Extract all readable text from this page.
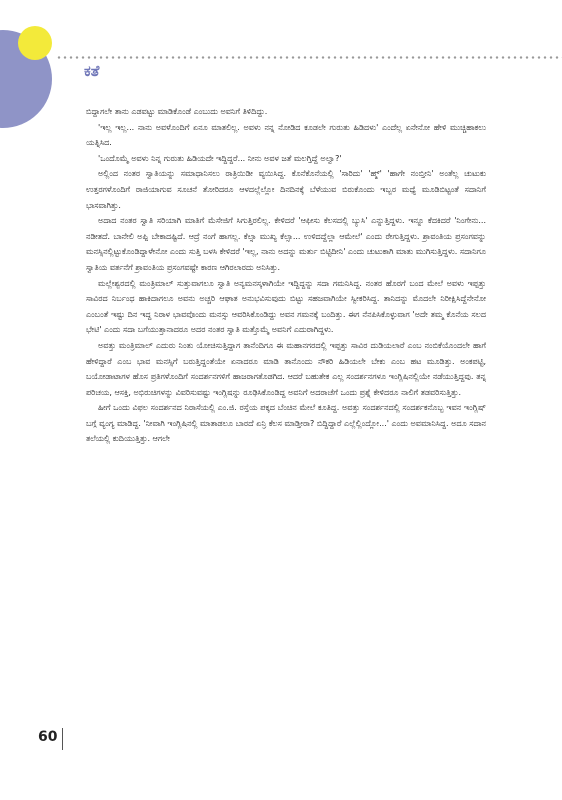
ಕತೆ

ಬಿದ್ದಾಗಲೇ ತಾನು ಎಡವಟ್ಟು ಮಾಡಿಕೊಂಡೆ ಎಂಬುದು ಅವನಿಗೆ ತಿಳಿದಿದ್ದು.

'ಇಲ್ಲ ಇಲ್ಲ... ನಾನು ಅವಳೊಂದಿಗೆ ಏನೂ ಮಾತಲಿಲ್ಲ. ಅವಳು ನನ್ನ ನೋಡಿದ ಕೂಡಲೇ ಗುರುತು ಹಿಡಿದಳು' ಎಂದೆಲ್ಲ ಏನೇನೋ ಹೇಳಿ ಮುಚ್ಚಿಹಾಕಲು ಯತ್ನಿಸಿದ.

'ಒಂದೊಮ್ಮೆ ಅವಳು ನಿನ್ನ ಗುರುತು ಹಿಡಿಯದೇ ಇದ್ದಿದ್ದರೆ... ನೀನು ಅವಳ ಜತೆ ಮಲಗ್ತಿದ್ದೆ ಅಲ್ವಾ?'

ಅಲ್ಲಿಂದ ನಂತರ ಸ್ವಾತಿಯನ್ನು ಸಮಾಧಾನಿಸಲು ರಾತ್ರಿಯಿಡೀ ವ್ಯಯಿಸಿದ್ದ. ಕೊನೆಕೊನೆಯಲ್ಲಿ 'ಸಾರಿದು' 'ಹ್ಮ್' 'ಹಾಗೇ ನಂಬ್ತೀನಿ' ಅಂತೆಲ್ಲ ಚುಟುಕು ಉತ್ತರಗಳೊಂದಿಗೆ ರಾಜಿಯಾಗುವ ಸೂಚನೆ ತೋರಿದರೂ ಆಳದಲ್ಲೆಲ್ಲೋ ದಿನದಿನಕ್ಕೆ ಬೆಳೆಯುವ ಬಿರುಕೊಂದು ಇಬ್ಬರ ಮಧ್ಯೆ ಮೂಡಿಬಿಟ್ಟಂತೆ ಸದಾನಿಗೆ ಭಾಸವಾಗಿತ್ತು.

ಅದಾದ ನಂತರ ಸ್ವಾತಿ ಸರಿಯಾಗಿ ಮಾತಿಗೆ ಮೆಸೇಜಿಗೆ ಸಿಗುತ್ತಿರಲಿಲ್ಲ. ಕೇಳಿದರೆ 'ಆಫೀಸು ಕೆಲಸದಲ್ಲಿ ಬ್ಯುಸಿ' ಎನ್ನುತ್ತಿದ್ದಳು. ಇನ್ನೂ ಕೆದಕಿದರೆ 'ನಿಂಗೇನು... ನಡೀತದೆ. ಬಾನೇಲಿ ಅಪ್ಪಿ ಬೇಕಾದಷ್ಟಿದೆ. ಆದ್ರೆ ನಂಗೆ ಹಾಗಲ್ಲ. ಕೆಲ್ಸಾ ಮುಖ್ಯ ಕೆಲ್ಸಾ... ಉಳಿದದ್ದೆಲ್ಲಾ ಆಮೇಲೆ' ಎಂದು ರೇಗುತ್ತಿದ್ದಳು. ಶ್ರಾವಂತಿಯ ಪ್ರಸಂಗವನ್ನು ಮನಸ್ಸಿನಲ್ಲಿಟ್ಟುಕೊಂಡಿದ್ದಾಳೇನೋ ಎಂದು ಸುತ್ತಿ ಬಳಸಿ ಕೇಳಿದರೆ 'ಇಲ್ಲ, ನಾನು ಅದನ್ನು ಮರ್ತು ಬಿಟ್ಟಿದೀನಿ' ಎಂದು ಚುಟುಕಾಗಿ ಮಾತು ಮುಗಿಸುತ್ತಿದ್ದಳು. ಸದಾನಿಗೂ ಸ್ವಾತಿಯ ವರ್ತನೆಗೆ ಶ್ರಾವಂತಿಯ ಪ್ರಸಂಗವಷ್ಟೇ ಕಾರಣ ಆಗಿರಲಾರದು ಅನಿಸಿತ್ತು.

ಮಲ್ಲೇಶ್ವರದಲ್ಲಿ ಮಂತ್ರಿಮಾಲ್ ಸುತ್ತುವಾಗಲೂ ಸ್ವಾತಿ ಅನ್ಯಮನಸ್ಕಳಾಗಿಯೇ ಇದ್ದಿದ್ದನ್ನು ಸದಾ ಗಮನಿಸಿದ್ದ. ನಂತರ ಹೊರಗೆ ಬಂದ ಮೇಲೆ ಅವಳು ಇಪ್ಪತ್ತು ಸಾವಿರದ ನಿರ್ಬಂಧ ಹಾಕಿದಾಗಲೂ ಅವನು ಅಚ್ಚರಿ ಆಘಾತ ಅನುಭವಿಸುವುದು ಬಿಟ್ಟು ಸಹಜವಾಗಿಯೇ ಸ್ವೀಕರಿಸಿದ್ದ. ತಾನಿದನ್ನು ಮೊದಲೇ ನಿರೀಕ್ಷಿಸಿದ್ದೆನೇನೋ ಎಂಬಂತೆ ಇಷ್ಟು ದಿನ ಇದ್ದ ನಿರಾಳ ಭಾವವೊಂದು ಮನಸ್ಸು ಆವರಿಸಿಕೊಂಡಿದ್ದು ಅವನ ಗಮನಕ್ಕೆ ಬಂದಿತ್ತು. ಈಗ ನೆನಪಿಸಿಕೊಳ್ಳುವಾಗ 'ಅದೇ ತಮ್ಮ ಕೊನೆಯ ಸಲದ ಭೇಟಿ' ಎಂದು ಸದಾ ಬಗೆಯುತ್ತಾನಾದರೂ ಅದರ ನಂತರ ಸ್ವಾತಿ ಮತ್ತೊಮ್ಮೆ ಅವನಿಗೆ ಎದುರಾಗಿದ್ದಳು.

ಅವತ್ತು ಮಂತ್ರಿಮಾಲ್ ಎದುರು ನಿಂತು ಯೋಚಿಸುತ್ತಿದ್ದಾಗ ತಾನೆಂದಿಗೂ ಈ ಮಹಾನಗರದಲ್ಲಿ ಇಪ್ಪತ್ತು ಸಾವಿರ ದುಡಿಯಲಾರೆ ಎಂಬ ನಂಬಿಕೆಯೊಂದಲೇ ಹಾಗೆ ಹೇಳಿದ್ದಾರೆ ಎಂಬ ಭಾವ ಮನಸ್ಸಿಗೆ ಬರುತ್ತಿದ್ದಂತೆಯೇ ಏನಾದರೂ ಮಾಡಿ ತಾನೊಂದು ನೌಕರಿ ಹಿಡಿಯಲೇ ಬೇಕು ಎಂಬ ಹಟ ಮೂಡಿತ್ತು. ಅಂಕಪಟ್ಟಿ, ಬಯೋಡಾಟಾಗಳ ಹೊಸ ಪ್ರತಿಗಳೊಂದಿಗೆ ಸಂದರ್ಶನಗಳಿಗೆ ಹಾಜರಾಗತೊಡಗಿದ. ಆದರೆ ಬಹುತೇಕ ಎಲ್ಲ ಸಂದರ್ಶನಗಳೂ ಇಂಗ್ಲಿಷಿನಲ್ಲಿಯೇ ನಡೆಯುತ್ತಿದ್ದವು. ತನ್ನ ಪರಿಚಯ, ಆಸಕ್ತಿ, ಅಭಿರುಚಿಗಳನ್ನು ವಿವರಿಸುವಷ್ಟು ಇಂಗ್ಲಿಷನ್ನು ರೂಢಿಸಿಕೊಂಡಿದ್ದ ಅವನಿಗೆ ಅದರಾಚೆಗೆ ಒಂದು ಪ್ರಶ್ನೆ ಕೇಳಿದರೂ ನಾಲಿಗೆ ತಡವರಿಸುತ್ತಿತ್ತು.

ಹೀಗೆ ಒಂದು ವಿಫಲ ಸಂದರ್ಶನದ ನಿರಾಸೆಯಲ್ಲಿ ಎಂ.ಜಿ. ರಸ್ತೆಯ ಪಕ್ಕದ ಬೆಂಚಿನ ಮೇಲೆ ಕೂತಿದ್ದ. ಅವತ್ತು ಸಂದರ್ಶನದಲ್ಲಿ ಸಂದರ್ಶಕನೊಬ್ಬ ಇವನ ಇಂಗ್ಲಿಷ್ ಬಗ್ಗೆ ವ್ಯಂಗ್ಯ ಮಾಡಿದ್ದ. 'ನೀವಾಗಿ ಇಂಗ್ಲಿಷಿನಲ್ಲಿ ಮಾತಾಡಲೂ ಬಾರದೆ ಏನ್ರಿ ಕೆಲಸ ಮಾಡ್ತೀರಾ? ಬಿದ್ದಿದ್ದಾರೆ ಎಲ್ಲೆಲ್ಲಿಂದ್ಲೋ...' ಎಂದು ಅವಮಾನಿಸಿದ್ದ. ಅದೂ ಸದಾನ ತಲೆಯಲ್ಲಿ ಕುದಿಯುತ್ತಿತ್ತು. ಆಗಲೇ

60
